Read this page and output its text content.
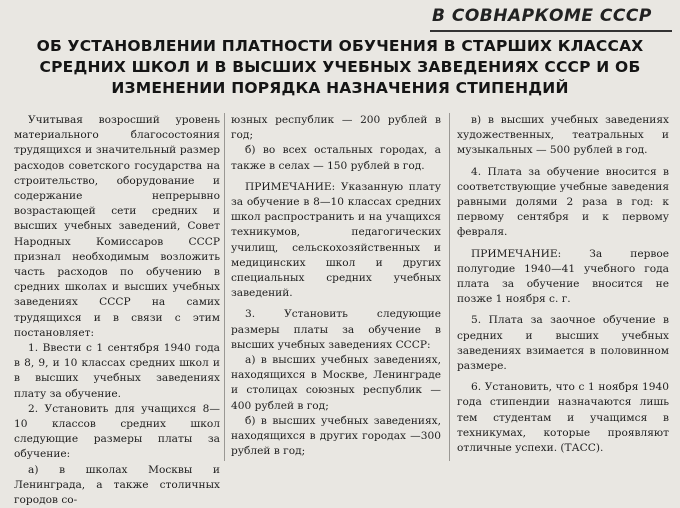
В СОВНАРКОМЕ СССР
ОБ УСТАНОВЛЕНИИ ПЛАТНОСТИ ОБУЧЕНИЯ В СТАРШИХ КЛАССАХ СРЕДНИХ ШКОЛ И В ВЫСШИХ УЧЕБНЫХ ЗАВЕДЕНИЯХ СССР И ОБ ИЗМЕНЕНИИ ПОРЯДКА НАЗНАЧЕНИЯ СТИПЕНДИЙ

Учитывая возросший уровень материального благосостояния трудящихся и значительный размер расходов советского государства на строительство, оборудование и содержание непрерывно возрастающей сети средних и высших учебных заведений, Совет Народных Комиссаров СССР признал необходимым возложить часть расходов по обучению в средних школах и высших учебных заведениях СССР на самих трудящихся и в связи с этим постановляет:

1. Ввести с 1 сентября 1940 года в 8, 9, и 10 классах средних школ и в высших учебных заведениях плату за обучение.

2. Установить для учащихся 8—10 классов средних школ следующие размеры платы за обучение:

а) в школах Москвы и Ленинграда, а также столичных городов со-

юзных республик — 200 рублей в год;

б) во всех остальных городах, а также в селах — 150 рублей в год.

ПРИМЕЧАНИЕ: Указанную плату за обучение в 8—10 классах средних школ распространить и на учащихся техникумов, педагогических училищ, сельскохозяйственных и медицинских школ и других специальных средних учебных заведений.

3. Установить следующие размеры платы за обучение в высших учебных заведениях СССР:

а) в высших учебных заведениях, находящихся в Москве, Ленинграде и столицах союзных республик — 400 рублей в год;

б) в высших учебных заведениях, находящихся в других городах —300 рублей в год;

в) в высших учебных заведениях художественных, театральных и музыкальных — 500 рублей в год.

4. Плата за обучение вносится в соответствующие учебные заведения равными долями 2 раза в год: к первому сентября и к первому февраля.

ПРИМЕЧАНИЕ: За первое полугодие 1940—41 учебного года плата за обучение вносится не позже 1 ноября с. г.

5. Плата за заочное обучение в средних и высших учебных заведениях взимается в половинном размере.

6. Установить, что с 1 ноября 1940 года стипендии назначаются лишь тем студентам и учащимся в техникумах, которые проявляют отличные успехи. (ТАСС).
